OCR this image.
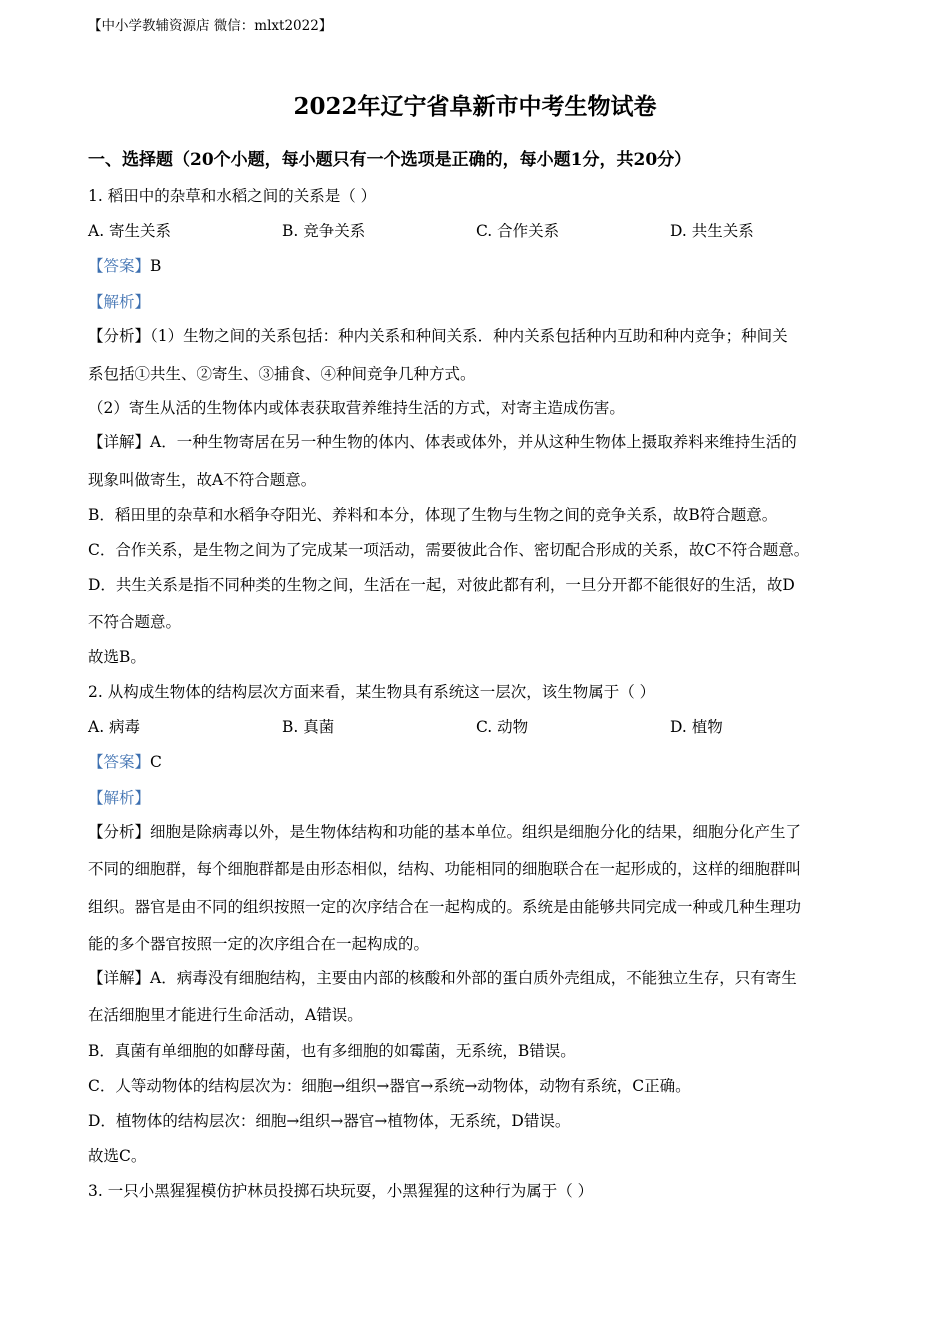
【中小学教辅资源店 微信：mlxt2022】
2022年辽宁省阜新市中考生物试卷
一、选择题（20个小题，每小题只有一个选项是正确的，每小题1分，共20分）
1. 稻田中的杂草和水稻之间的关系是（ ）
A. 寄生关系	B. 竞争关系	C. 合作关系	D. 共生关系
【答案】B
【解析】
【分析】（1）生物之间的关系包括：种内关系和种间关系．种内关系包括种内互助和种内竞争；种间关
系包括①共生、②寄生、③捕食、④种间竞争几种方式。
（2）寄生从活的生物体内或体表获取营养维持生活的方式，对寄主造成伤害。
【详解】A．一种生物寄居在另一种生物的体内、体表或体外，并从这种生物体上摄取养料来维持生活的
现象叫做寄生，故A不符合题意。
B．稻田里的杂草和水稻争夺阳光、养料和本分，体现了生物与生物之间的竞争关系，故B符合题意。
C．合作关系，是生物之间为了完成某一项活动，需要彼此合作、密切配合形成的关系，故C不符合题意。
D．共生关系是指不同种类的生物之间，生活在一起，对彼此都有利，一旦分开都不能很好的生活，故D
不符合题意。
故选B。
2. 从构成生物体的结构层次方面来看，某生物具有系统这一层次，该生物属于（ ）
A. 病毒	B. 真菌	C. 动物	D. 植物
【答案】C
【解析】
【分析】细胞是除病毒以外，是生物体结构和功能的基本单位。组织是细胞分化的结果，细胞分化产生了
不同的细胞群，每个细胞群都是由形态相似，结构、功能相同的细胞联合在一起形成的，这样的细胞群叫
组织。器官是由不同的组织按照一定的次序结合在一起构成的。系统是由能够共同完成一种或几种生理功
能的多个器官按照一定的次序组合在一起构成的。
【详解】A．病毒没有细胞结构，主要由内部的核酸和外部的蛋白质外壳组成，不能独立生存，只有寄生
在活细胞里才能进行生命活动，A错误。
B．真菌有单细胞的如酵母菌，也有多细胞的如霉菌，无系统，B错误。
C．人等动物体的结构层次为：细胞→组织→器官→系统→动物体，动物有系统，C正确。
D．植物体的结构层次：细胞→组织→器官→植物体，无系统，D错误。
故选C。
3. 一只小黑猩猩模仿护林员投掷石块玩耍，小黑猩猩的这种行为属于（ ）
